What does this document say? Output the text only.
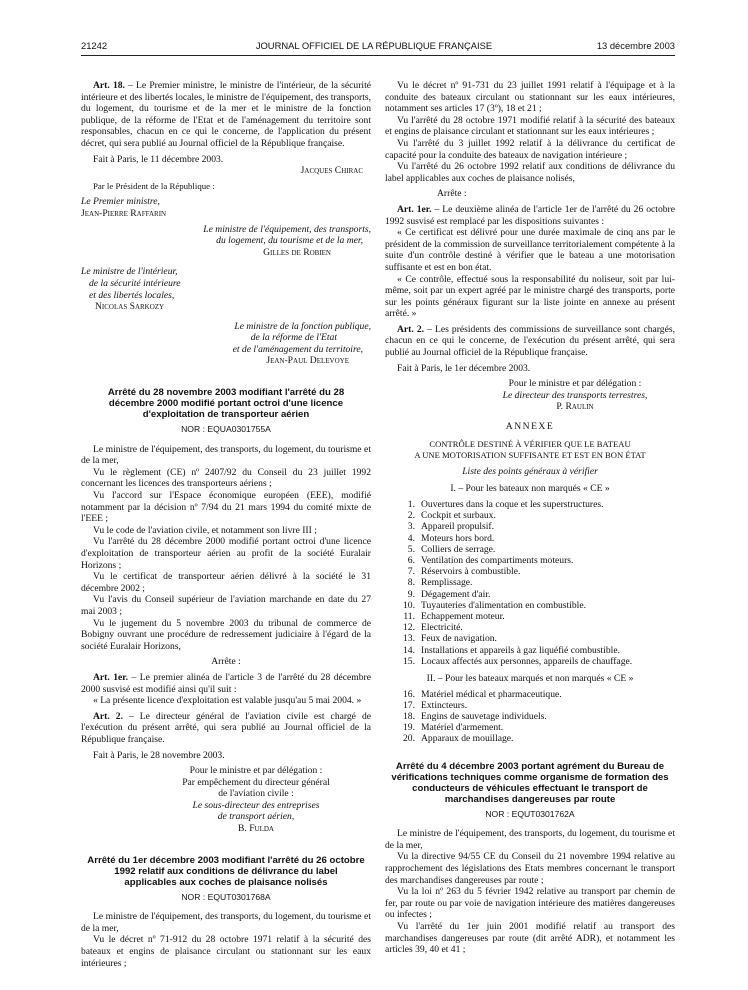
21242	JOURNAL OFFICIEL DE LA RÉPUBLIQUE FRANÇAISE	13 décembre 2003

Art. 18. – Le Premier ministre, le ministre de l'intérieur, de la sécurité intérieure et des libertés locales, le ministre de l'équipement, des transports, du logement, du tourisme et de la mer et le ministre de la fonction publique, de la réforme de l'Etat et de l'aménagement du territoire sont responsables, chacun en ce qui le concerne, de l'application du présent décret, qui sera publié au Journal officiel de la République française.

Fait à Paris, le 11 décembre 2003.

Jacques Chirac

Par le Président de la République :

Le Premier ministre,

Jean-Pierre Raffarin

Le ministre de l'équipement, des transports,

du logement, du tourisme et de la mer,

Gilles de Robien

Le ministre de l'intérieur,

de la sécurité intérieure

et des libertés locales,

Nicolas Sarkozy

Le ministre de la fonction publique,

de la réforme de l'Etat

et de l'aménagement du territoire,

Jean-Paul Delevoye

Arrêté du 28 novembre 2003 modifiant l'arrêté du 28 décembre 2000 modifié portant octroi d'une licence d'exploitation de transporteur aérien

NOR : EQUA0301755A

Le ministre de l'équipement, des transports, du logement, du tourisme et de la mer,

Vu le règlement (CE) nº 2407/92 du Conseil du 23 juillet 1992 concernant les licences des transporteurs aériens ;

Vu l'accord sur l'Espace économique européen (EEE), modifié notamment par la décision nº 7/94 du 21 mars 1994 du comité mixte de l'EEE ;

Vu le code de l'aviation civile, et notamment son livre III ;

Vu l'arrêté du 28 décembre 2000 modifié portant octroi d'une licence d'exploitation de transporteur aérien au profit de la société Euralair Horizons ;

Vu le certificat de transporteur aérien délivré à la société le 31 décembre 2002 ;

Vu l'avis du Conseil supérieur de l'aviation marchande en date du 27 mai 2003 ;

Vu le jugement du 5 novembre 2003 du tribunal de commerce de Bobigny ouvrant une procédure de redressement judiciaire à l'égard de la société Euralair Horizons,

Arrête :

Art. 1er. – Le premier alinéa de l'article 3 de l'arrêté du 28 décembre 2000 susvisé est modifié ainsi qu'il suit :

« La présente licence d'exploitation est valable jusqu'au 5 mai 2004. »

Art. 2. – Le directeur général de l'aviation civile est chargé de l'exécution du présent arrêté, qui sera publié au Journal officiel de la République française.

Fait à Paris, le 28 novembre 2003.

Pour le ministre et par délégation :

Par empêchement du directeur général

de l'aviation civile :

Le sous-directeur des entreprises

de transport aérien,

B. Fulda

Arrêté du 1er décembre 2003 modifiant l'arrêté du 26 octobre 1992 relatif aux conditions de délivrance du label applicables aux coches de plaisance nolisés

NOR : EQUT0301768A

Le ministre de l'équipement, des transports, du logement, du tourisme et de la mer,

Vu le décret nº 71-912 du 28 octobre 1971 relatif à la sécurité des bateaux et engins de plaisance circulant ou stationnant sur les eaux intérieures ;

Vu le décret nº 91-731 du 23 juillet 1991 relatif à l'équipage et à la conduite des bateaux circulant ou stationnant sur les eaux intérieures, notamment ses articles 17 (3º), 18 et 21 ;

Vu l'arrêté du 28 octobre 1971 modifié relatif à la sécurité des bateaux et engins de plaisance circulant et stationnant sur les eaux intérieures ;

Vu l'arrêté du 3 juillet 1992 relatif à la délivrance du certificat de capacité pour la conduite des bateaux de navigation intérieure ;

Vu l'arrêté du 26 octobre 1992 relatif aux conditions de délivrance du label applicables aux coches de plaisance nolisés,

Arrête :

Art. 1er. – Le deuxième alinéa de l'article 1er de l'arrêté du 26 octobre 1992 susvisé est remplacé par les dispositions suivantes :

« Ce certificat est délivré pour une durée maximale de cinq ans par le président de la commission de surveillance territorialement compétente à la suite d'un contrôle destiné à vérifier que le bateau a une motorisation suffisante et est en bon état.

« Ce contrôle, effectué sous la responsabilité du noliseur, soit par lui-même, soit par un expert agréé par le ministre chargé des transports, porte sur les points généraux figurant sur la liste jointe en annexe au présent arrêté. »

Art. 2. – Les présidents des commissions de surveillance sont chargés, chacun en ce qui le concerne, de l'exécution du présent arrêté, qui sera publié au Journal officiel de la République française.

Fait à Paris, le 1er décembre 2003.

Pour le ministre et par délégation :

Le directeur des transports terrestres,

P. Raulin

ANNEXE

CONTRÔLE DESTINÉ À VÉRIFIER QUE LE BATEAU

A UNE MOTORISATION SUFFISANTE ET EST EN BON ÉTAT

Liste des points généraux à vérifier

I. – Pour les bateaux non marqués « CE »

1. Ouvertures dans la coque et les superstructures.
2. Cockpit et surbaux.
3. Appareil propulsif.
4. Moteurs hors bord.
5. Colliers de serrage.
6. Ventilation des compartiments moteurs.
7. Réservoirs à combustible.
8. Remplissage.
9. Dégagement d'air.
10. Tuyauteries d'alimentation en combustible.
11. Echappement moteur.
12. Electricité.
13. Feux de navigation.
14. Installations et appareils à gaz liquéfié combustible.
15. Locaux affectés aux personnes, appareils de chauffage.

II. – Pour les bateaux marqués et non marqués « CE »

16. Matériel médical et pharmaceutique.
17. Extincteurs.
18. Engins de sauvetage individuels.
19. Matériel d'armement.
20. Apparaux de mouillage.

Arrêté du 4 décembre 2003 portant agrément du Bureau de vérifications techniques comme organisme de formation des conducteurs de véhicules effectuant le transport de marchandises dangereuses par route

NOR : EQUT0301762A

Le ministre de l'équipement, des transports, du logement, du tourisme et de la mer,

Vu la directive 94/55 CE du Conseil du 21 novembre 1994 relative au rapprochement des législations des Etats membres concernant le transport des marchandises dangereuses par route ;

Vu la loi nº 263 du 5 février 1942 relative au transport par chemin de fer, par route ou par voie de navigation intérieure des matières dangereuses ou infectes ;

Vu l'arrêté du 1er juin 2001 modifié relatif au transport des marchandises dangereuses par route (dit arrêté ADR), et notamment les articles 39, 40 et 41 ;
